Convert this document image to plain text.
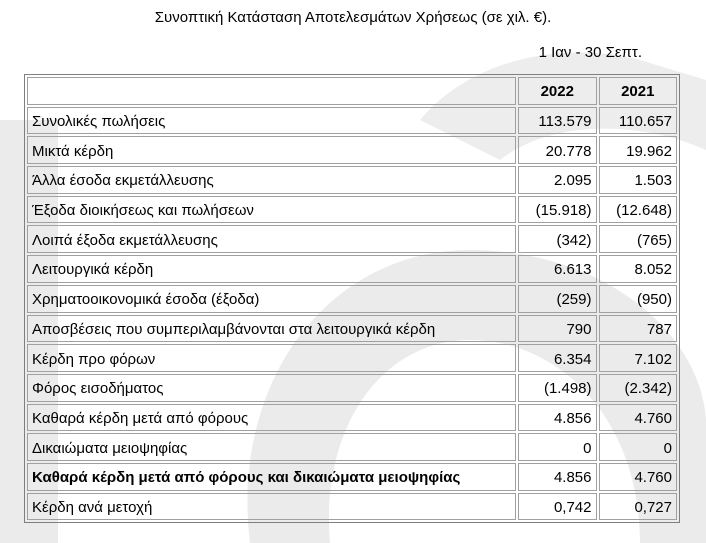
Συνοπτική Κατάσταση Αποτελεσμάτων Χρήσεως (σε χιλ. €).
1 Ιαν - 30 Σεπτ.
	2022	2021
Συνολικές πωλήσεις	113.579	110.657
Μικτά κέρδη	20.778	19.962
Άλλα έσοδα εκμετάλλευσης	2.095	1.503
Έξοδα διοικήσεως και πωλήσεων	(15.918)	(12.648)
Λοιπά έξοδα εκμετάλλευσης	(342)	(765)
Λειτουργικά κέρδη	6.613	8.052
Χρηματοοικονομικά έσοδα (έξοδα)	(259)	(950)
Αποσβέσεις που συμπεριλαμβάνονται στα λειτουργικά κέρδη	790	787
Κέρδη προ φόρων	6.354	7.102
Φόρος εισοδήματος	(1.498)	(2.342)
Καθαρά κέρδη μετά από φόρους	4.856	4.760
Δικαιώματα μειοψηφίας	0	0
Καθαρά κέρδη μετά από φόρους και δικαιώματα μειοψηφίας	4.856	4.760
Κέρδη ανά μετοχή	0,742	0,727
